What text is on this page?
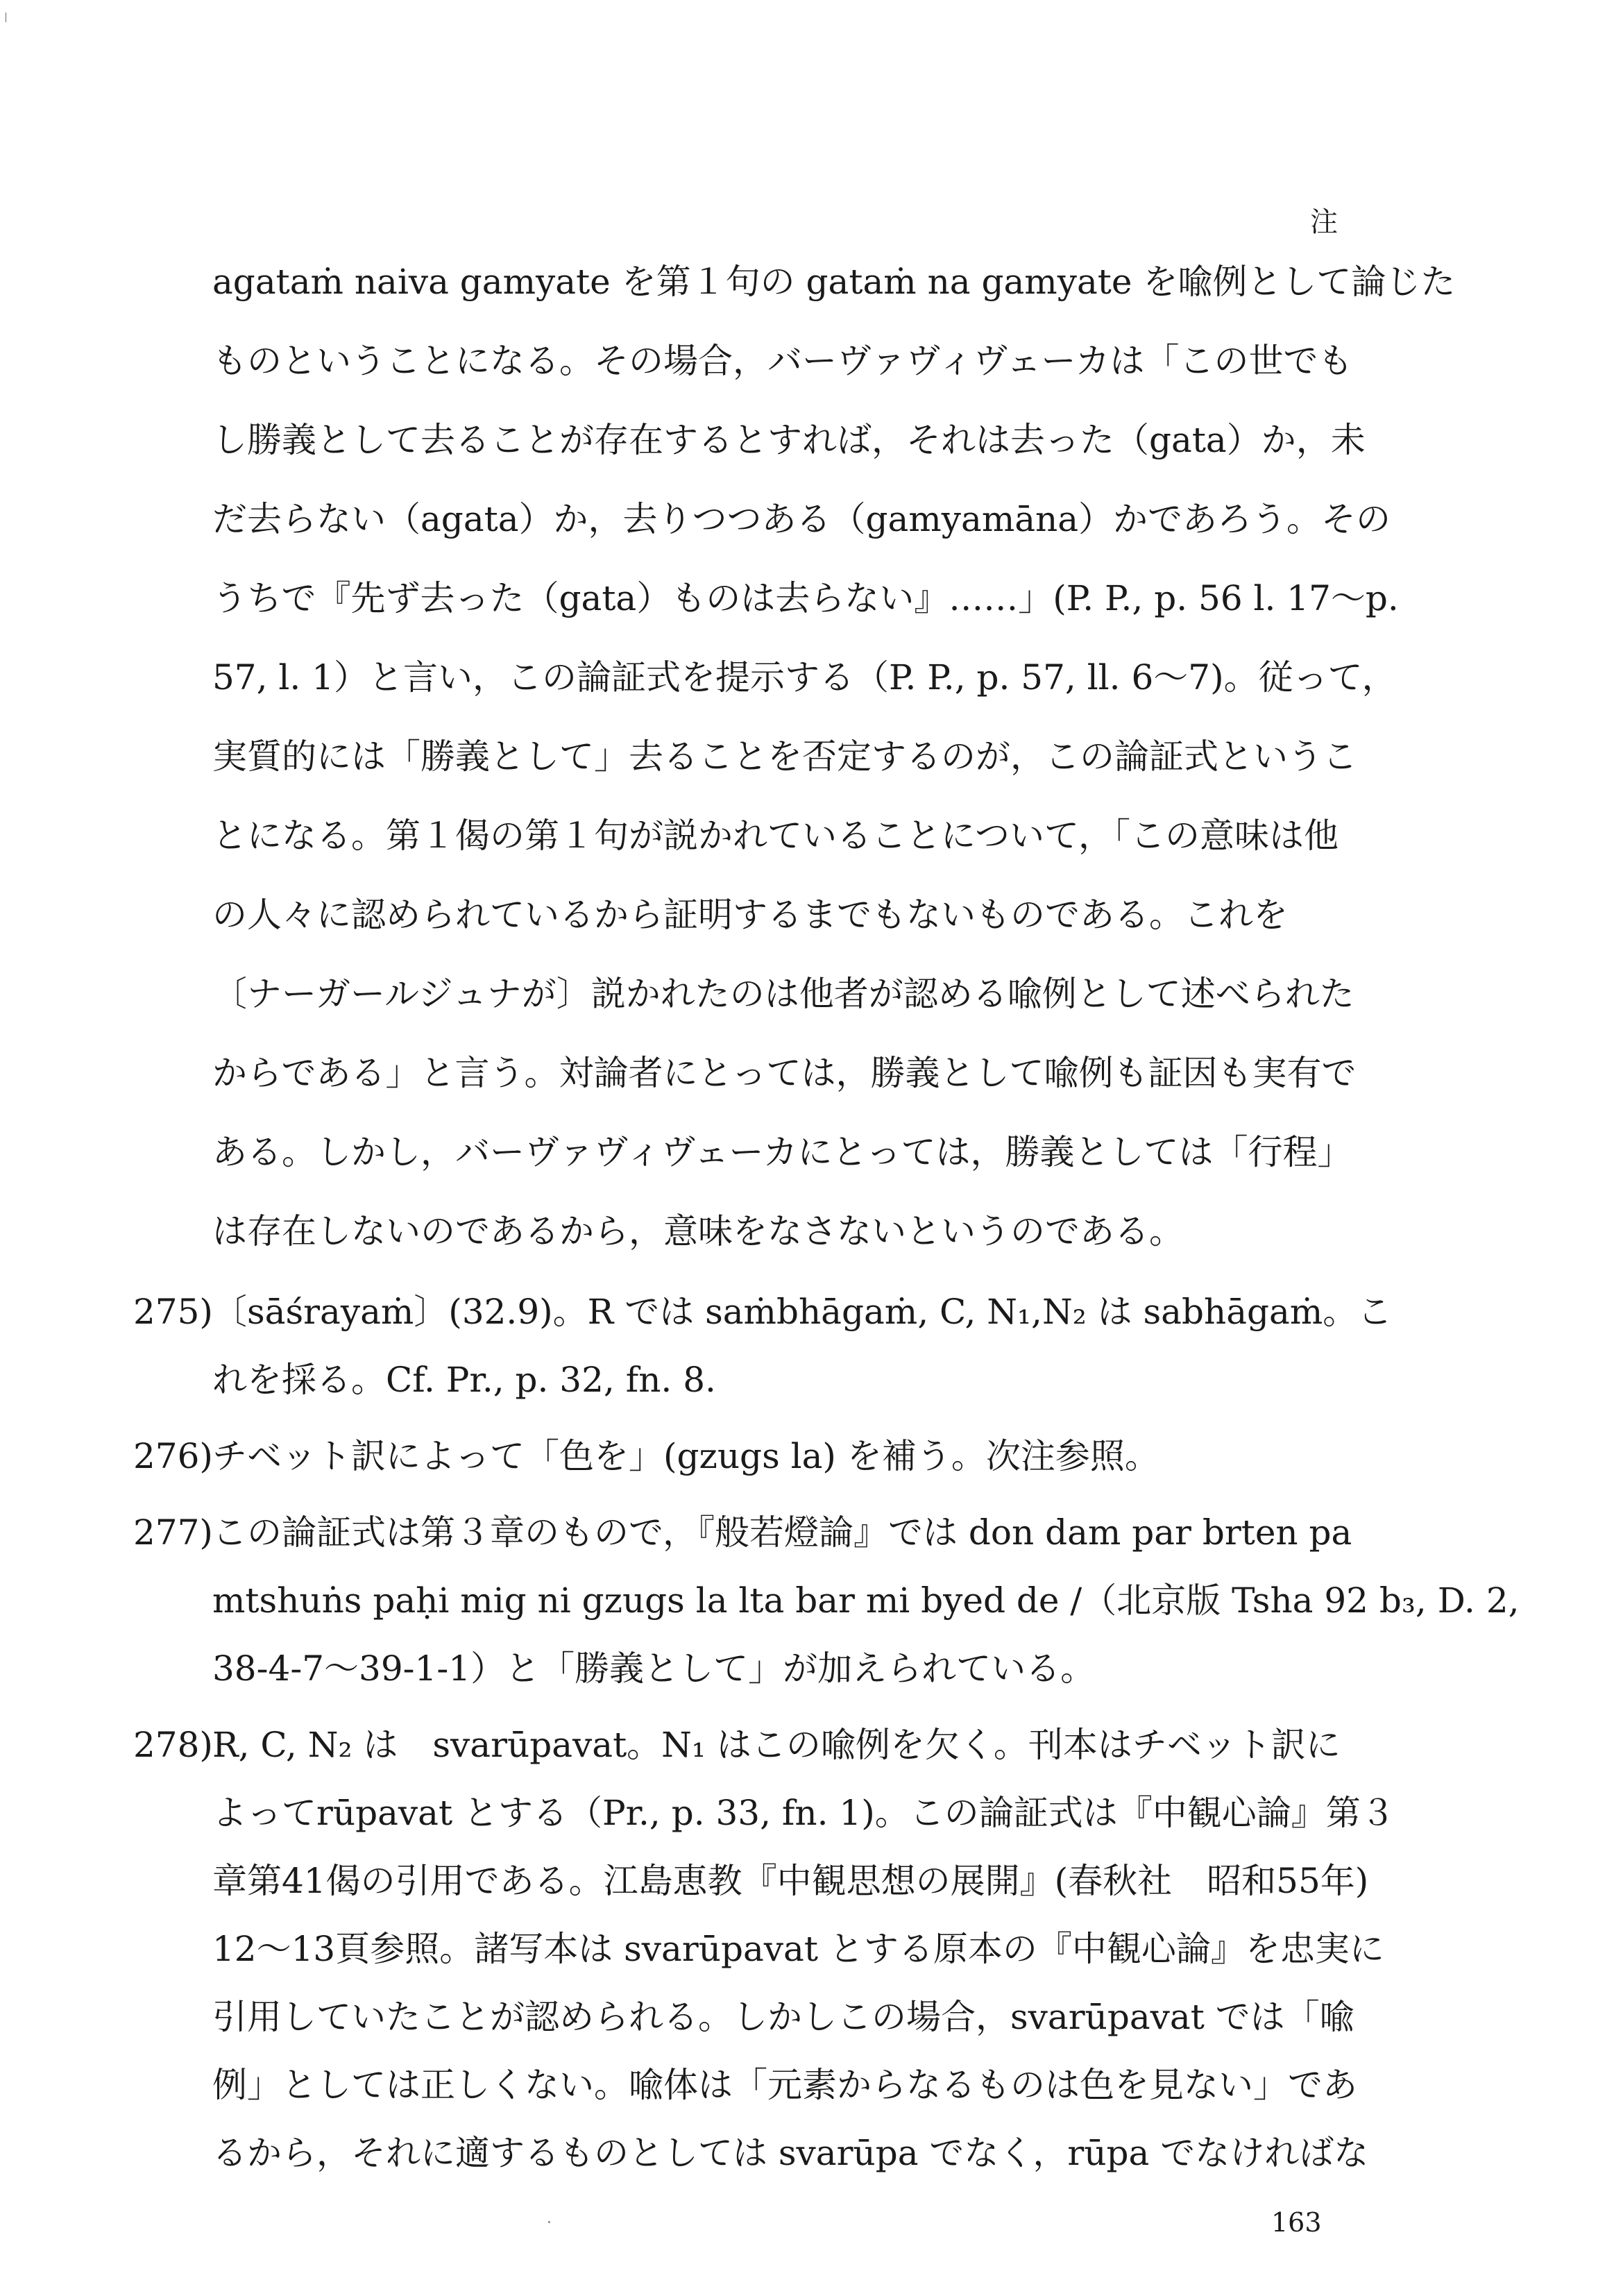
注
agataṁ naiva gamyate を第１句の gataṁ na gamyate を喩例として論じた
ものということになる。その場合，バーヴァヴィヴェーカは「この世でも
し勝義として去ることが存在するとすれば，それは去った（gata）か，未
だ去らない（agata）か，去りつつある（gamyamāna）かであろう。その
うちで『先ず去った（gata）ものは去らない』……」(P. P., p. 56 l. 17～p.
57, l. 1）と言い，この論証式を提示する（P. P., p. 57, ll. 6～7)。従って，
実質的には「勝義として」去ることを否定するのが，この論証式というこ
とになる。第１偈の第１句が説かれていることについて，「この意味は他
の人々に認められているから証明するまでもないものである。これを
〔ナーガールジュナが〕説かれたのは他者が認める喩例として述べられた
からである」と言う。対論者にとっては，勝義として喩例も証因も実有で
ある。しかし，バーヴァヴィヴェーカにとっては，勝義としては「行程」
は存在しないのであるから，意味をなさないというのである。
275) 〔sāśrayaṁ〕(32.9)。R では saṁbhāgaṁ, C, N₁,N₂ は sabhāgaṁ。こ
れを採る。Cf. Pr., p. 32, fn. 8.
276) チベット訳によって「色を」(gzugs la) を補う。次注参照。
277) この論証式は第３章のもので，『般若燈論』では don dam par brten pa
mtshuṅs paḥi mig ni gzugs la lta bar mi byed de /（北京版 Tsha 92 b₃, D. 2,
38-4-7～39-1-1）と「勝義として」が加えられている。
278) R, C, N₂ は　svarūpavat。N₁ はこの喩例を欠く。刊本はチベット訳に
よってrūpavat とする（Pr., p. 33, fn. 1)。この論証式は『中観心論』第３
章第41偈の引用である。江島恵教『中観思想の展開』(春秋社　昭和55年)
12～13頁参照。諸写本は svarūpavat とする原本の『中観心論』を忠実に
引用していたことが認められる。しかしこの場合，svarūpavat では「喩
例」としては正しくない。喩体は「元素からなるものは色を見ない」であ
るから，それに適するものとしては svarūpa でなく，rūpa でなければな
163
